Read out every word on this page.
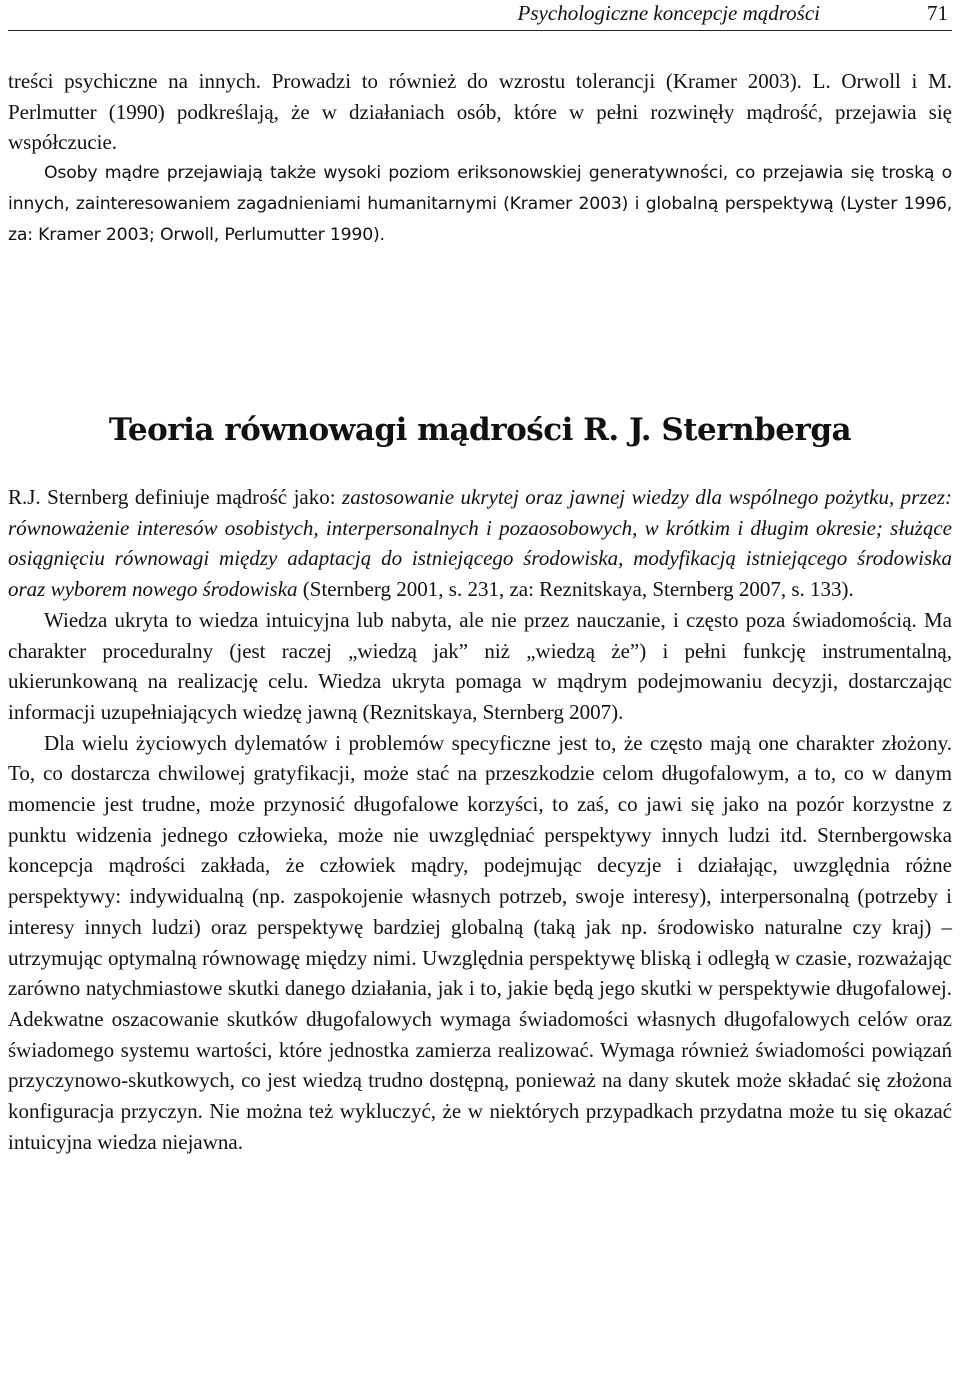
Psychologiczne koncepcje mądrości	71

treści psychiczne na innych. Prowadzi to również do wzrostu tolerancji (Kramer 2003). L. Orwoll i M. Perlmutter (1990) podkreślają, że w działaniach osób, które w pełni rozwinęły mądrość, przejawia się współczucie.

Osoby mądre przejawiają także wysoki poziom eriksonowskiej generatywności, co przejawia się troską o innych, zainteresowaniem zagadnieniami humanitarnymi (Kramer 2003) i globalną perspektywą (Lyster 1996, za: Kramer 2003; Orwoll, Perlumutter 1990).

Teoria równowagi mądrości R. J. Sternberga

R.J. Sternberg definiuje mądrość jako: zastosowanie ukrytej oraz jawnej wiedzy dla wspólnego pożytku, przez: równoważenie interesów osobistych, interpersonalnych i pozaosobowych, w krótkim i długim okresie; służące osiągnięciu równowagi między adaptacją do istniejącego środowiska, modyfikacją istniejącego środowiska oraz wyborem nowego środowiska (Sternberg 2001, s. 231, za: Reznitskaya, Sternberg 2007, s. 133).

Wiedza ukryta to wiedza intuicyjna lub nabyta, ale nie przez nauczanie, i często poza świadomością. Ma charakter proceduralny (jest raczej „wiedzą jak” niż „wiedzą że”) i pełni funkcję instrumentalną, ukierunkowaną na realizację celu. Wiedza ukryta pomaga w mądrym podejmowaniu decyzji, dostarczając informacji uzupełniających wiedzę jawną (Reznitskaya, Sternberg 2007).

Dla wielu życiowych dylematów i problemów specyficzne jest to, że często mają one charakter złożony. To, co dostarcza chwilowej gratyfikacji, może stać na przeszkodzie celom długofalowym, a to, co w danym momencie jest trudne, może przynosić długofalowe korzyści, to zaś, co jawi się jako na pozór korzystne z punktu widzenia jednego człowieka, może nie uwzględniać perspektywy innych ludzi itd. Sternbergowska koncepcja mądrości zakłada, że człowiek mądry, podejmując decyzje i działając, uwzględnia różne perspektywy: indywidualną (np. zaspokojenie własnych potrzeb, swoje interesy), interpersonalną (potrzeby i interesy innych ludzi) oraz perspektywę bardziej globalną (taką jak np. środowisko naturalne czy kraj) – utrzymując optymalną równowagę między nimi. Uwzględnia perspektywę bliską i odległą w czasie, rozważając zarówno natychmiastowe skutki danego działania, jak i to, jakie będą jego skutki w perspektywie długofalowej. Adekwatne oszacowanie skutków długofalowych wymaga świadomości własnych długofalowych celów oraz świadomego systemu wartości, które jednostka zamierza realizować. Wymaga również świadomości powiązań przyczynowo-skutkowych, co jest wiedzą trudno dostępną, ponieważ na dany skutek może składać się złożona konfiguracja przyczyn. Nie można też wykluczyć, że w niektórych przypadkach przydatna może tu się okazać intuicyjna wiedza niejawna.
